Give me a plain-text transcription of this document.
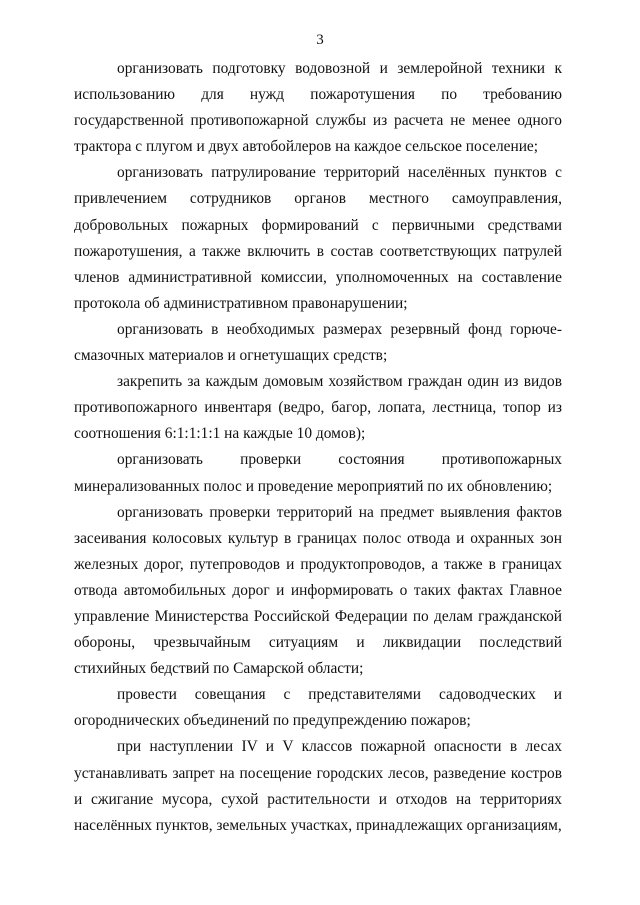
3

организовать подготовку водовозной и землеройной техники к использованию для нужд пожаротушения по требованию государственной противопожарной службы из расчета не менее одного трактора с плугом и двух автобойлеров на каждое сельское поселение;

организовать патрулирование территорий населённых пунктов с привлечением сотрудников органов местного самоуправления, добровольных пожарных формирований с первичными средствами пожаротушения, а также включить в состав соответствующих патрулей членов административной комиссии, уполномоченных на составление протокола об административном правонарушении;

организовать в необходимых размерах резервный фонд горюче-смазочных материалов и огнетушащих средств;

закрепить за каждым домовым хозяйством граждан один из видов противопожарного инвентаря (ведро, багор, лопата, лестница, топор из соотношения 6:1:1:1:1 на каждые 10 домов);

организовать проверки состояния противопожарных минерализованных полос и проведение мероприятий по их обновлению;

организовать проверки территорий на предмет выявления фактов засеивания колосовых культур в границах полос отвода и охранных зон железных дорог, путепроводов и продуктопроводов, а также в границах отвода автомобильных дорог и информировать о таких фактах Главное управление Министерства Российской Федерации по делам гражданской обороны, чрезвычайным ситуациям и ликвидации последствий стихийных бедствий по Самарской области;

провести совещания с представителями садоводческих и огороднических объединений по предупреждению пожаров;

при наступлении IV и V классов пожарной опасности в лесах устанавливать запрет на посещение городских лесов, разведение костров и сжигание мусора, сухой растительности и отходов на территориях населённых пунктов, земельных участках, принадлежащих организациям,
